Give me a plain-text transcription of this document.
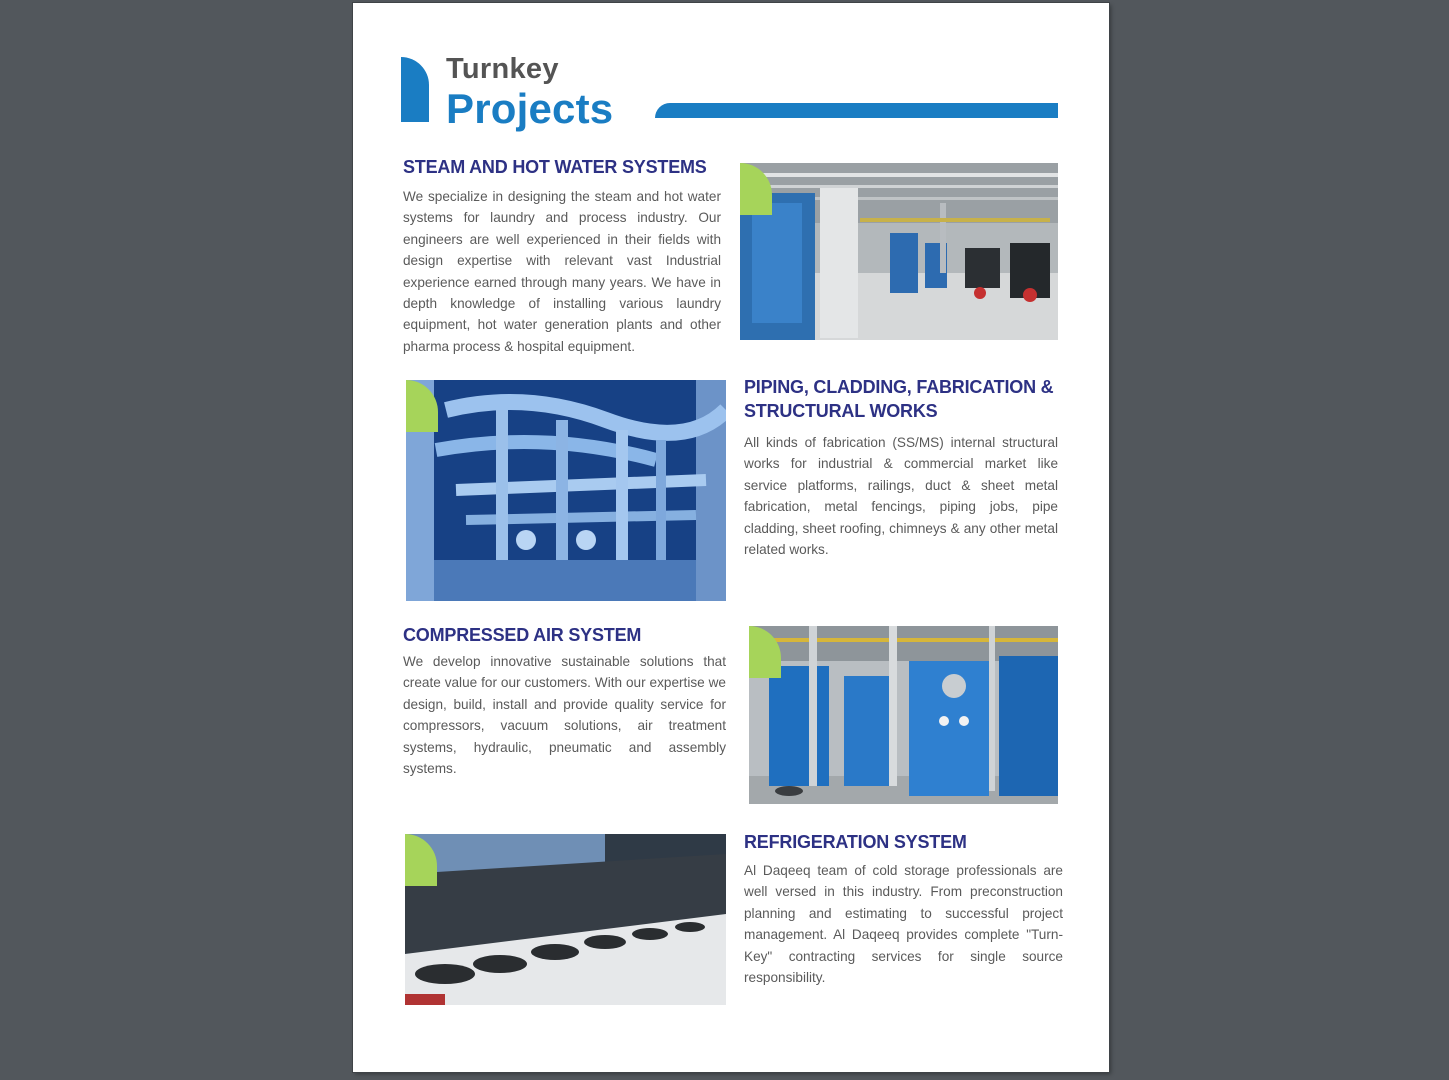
Turnkey
Projects
STEAM AND HOT WATER SYSTEMS
We specialize in designing the steam and hot water systems for laundry and process industry. Our engineers are well experienced in their fields with design expertise with relevant vast Industrial experience earned through many years. We have in depth knowledge of installing various laundry equipment, hot water generation plants and other pharma process & hospital equipment.
PIPING, CLADDING, FABRICATION & STRUCTURAL WORKS
All kinds of fabrication (SS/MS) internal structural works for industrial & commercial market like service platforms, railings, duct & sheet metal fabrication, metal fencings, piping jobs, pipe cladding, sheet roofing, chimneys & any other metal related works.
COMPRESSED AIR SYSTEM
We develop innovative sustainable solutions that create value for our customers. With our expertise we design, build, install and provide quality service for compressors, vacuum solutions, air treatment systems, hydraulic, pneumatic and assembly systems.
REFRIGERATION SYSTEM
Al Daqeeq team of cold storage professionals are well versed in this industry. From preconstruction planning and estimating to successful project management. Al Daqeeq provides complete "Turn-Key" contracting services for single source responsibility.
